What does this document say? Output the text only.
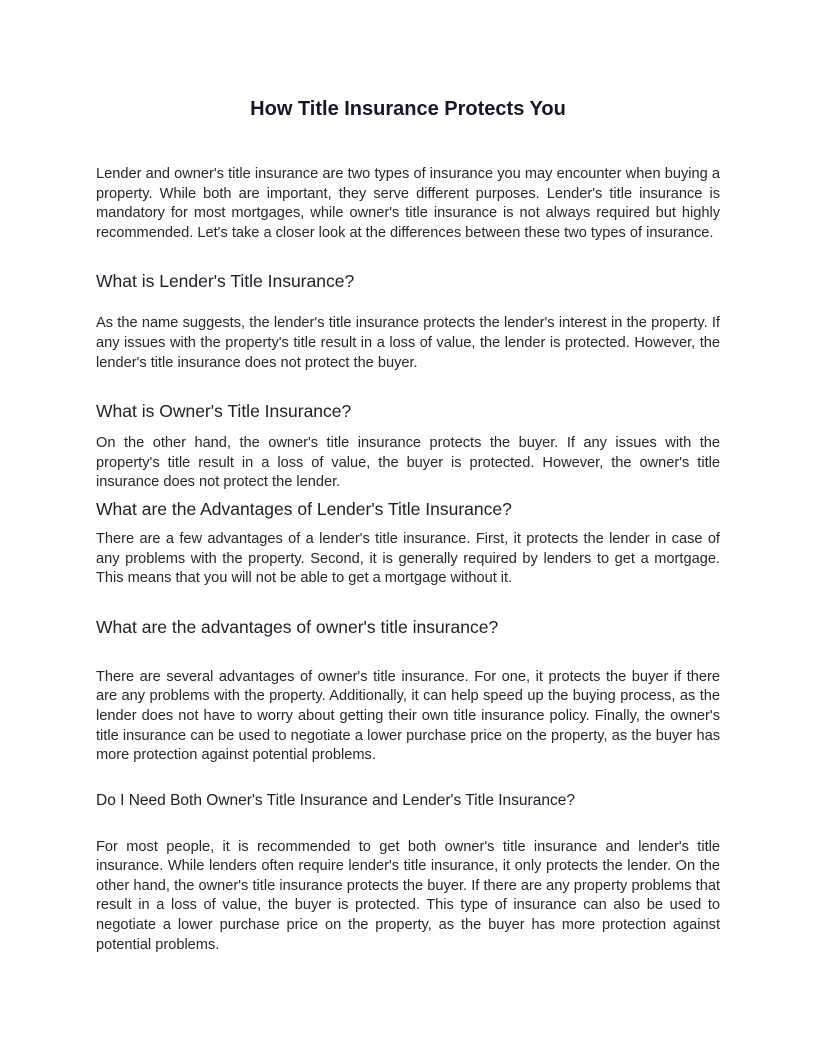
How Title Insurance Protects You

Lender and owner's title insurance are two types of insurance you may encounter when buying a property. While both are important, they serve different purposes. Lender's title insurance is mandatory for most mortgages, while owner's title insurance is not always required but highly recommended. Let's take a closer look at the differences between these two types of insurance.

What is Lender's Title Insurance?

As the name suggests, the lender's title insurance protects the lender's interest in the property. If any issues with the property's title result in a loss of value, the lender is protected. However, the lender's title insurance does not protect the buyer.

What is Owner's Title Insurance?

On the other hand, the owner's title insurance protects the buyer. If any issues with the property's title result in a loss of value, the buyer is protected. However, the owner's title insurance does not protect the lender.

What are the Advantages of Lender's Title Insurance?

There are a few advantages of a lender's title insurance. First, it protects the lender in case of any problems with the property. Second, it is generally required by lenders to get a mortgage. This means that you will not be able to get a mortgage without it.

What are the advantages of owner's title insurance?

There are several advantages of owner's title insurance. For one, it protects the buyer if there are any problems with the property. Additionally, it can help speed up the buying process, as the lender does not have to worry about getting their own title insurance policy. Finally, the owner's title insurance can be used to negotiate a lower purchase price on the property, as the buyer has more protection against potential problems.

Do I Need Both Owner's Title Insurance and Lender's Title Insurance?

For most people, it is recommended to get both owner's title insurance and lender's title insurance. While lenders often require lender's title insurance, it only protects the lender. On the other hand, the owner's title insurance protects the buyer. If there are any property problems that result in a loss of value, the buyer is protected. This type of insurance can also be used to negotiate a lower purchase price on the property, as the buyer has more protection against potential problems.
